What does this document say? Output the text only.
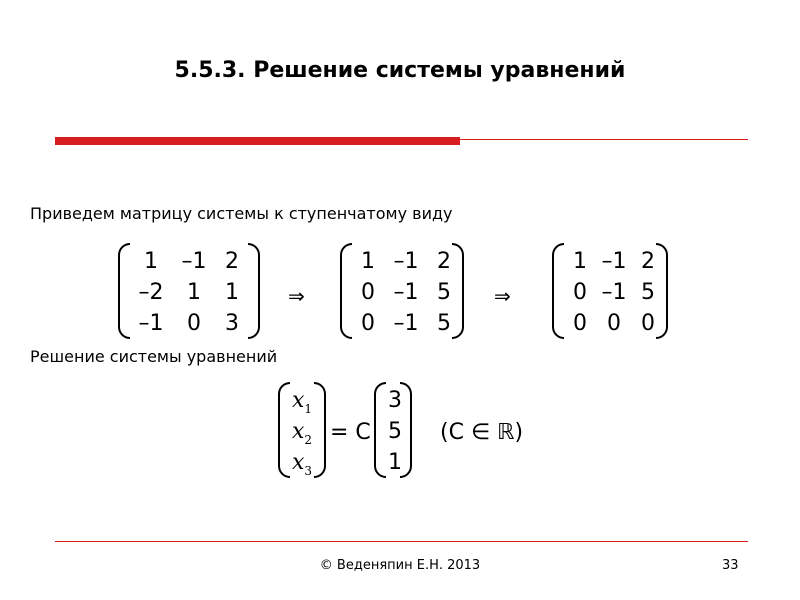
5.5.3. Решение системы уравнений
Приведем матрицу системы к ступенчатому виду
1	–1 2
–2	1	1
–1	0	3
⇒
1 –1 2
0 –1 5
0 –1 5
⇒
1 –1 2
0 –1 5
0 0 0
Решение системы уравнений
$x_1$
$x_2$
$x_3$
= C
3
5
1
(C ∈ ℝ)
© Веденяпин Е.Н. 2013	33
